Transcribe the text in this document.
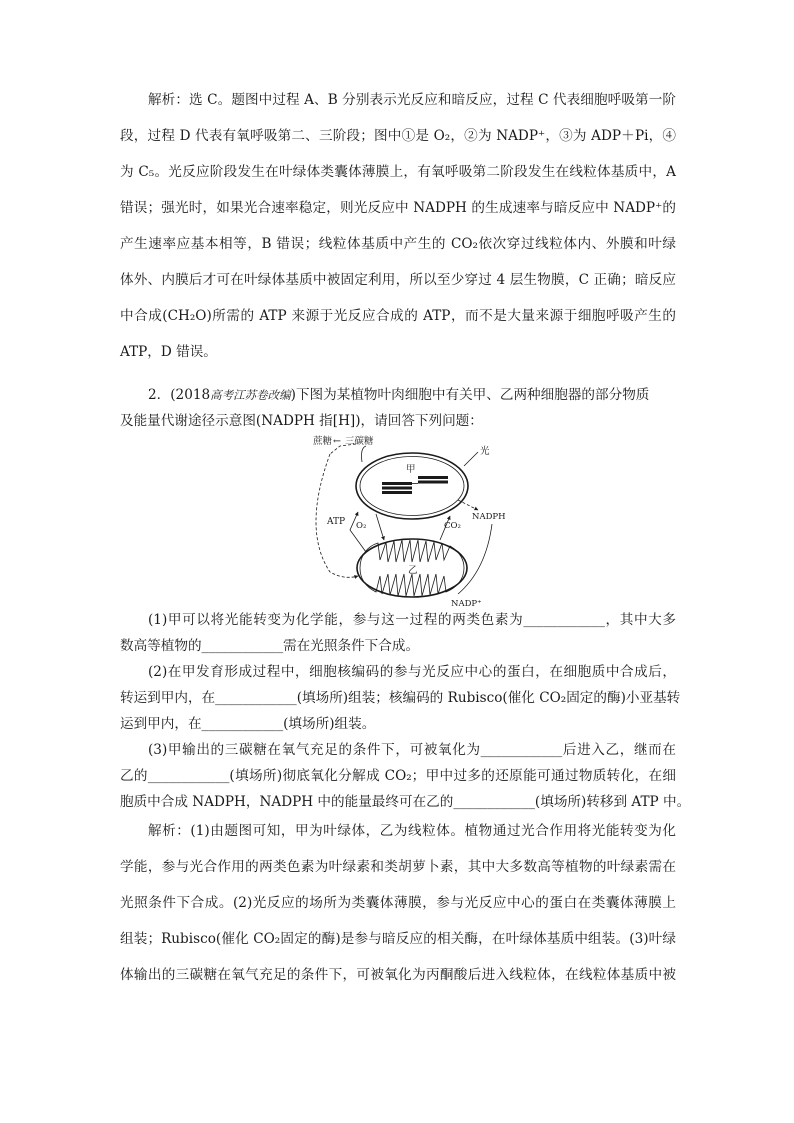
解析：选 C。题图中过程 A、B 分别表示光反应和暗反应，过程 C 代表细胞呼吸第一阶
段，过程 D 代表有氧呼吸第二、三阶段；图中①是 O₂，②为 NADP⁺，③为 ADP＋Pi，④
为 C₅。光反应阶段发生在叶绿体类囊体薄膜上，有氧呼吸第二阶段发生在线粒体基质中，A
错误；强光时，如果光合速率稳定，则光反应中 NADPH 的生成速率与暗反应中 NADP⁺的
产生速率应基本相等，B 错误；线粒体基质中产生的 CO₂依次穿过线粒体内、外膜和叶绿
体外、内膜后才可在叶绿体基质中被固定利用，所以至少穿过 4 层生物膜，C 正确；暗反应
中合成(CH₂O)所需的 ATP 来源于光反应合成的 ATP，而不是大量来源于细胞呼吸产生的
ATP，D 错误。
2．(2018高考江苏卷改编)下图为某植物叶肉细胞中有关甲、乙两种细胞器的部分物质
及能量代谢途径示意图(NADPH 指[H])，请回答下列问题：
蔗糖 ← 三碳糖
光
甲
乙
ATP O₂	CO₂
NADPH
NADP⁺
(1)甲可以将光能转变为化学能，参与这一过程的两类色素为____________，其中大多
数高等植物的____________需在光照条件下合成。
(2)在甲发育形成过程中，细胞核编码的参与光反应中心的蛋白，在细胞质中合成后，
转运到甲内，在____________(填场所)组装；核编码的 Rubisco(催化 CO₂固定的酶)小亚基转
运到甲内，在____________(填场所)组装。
(3)甲输出的三碳糖在氧气充足的条件下，可被氧化为____________后进入乙，继而在
乙的____________(填场所)彻底氧化分解成 CO₂；甲中过多的还原能可通过物质转化，在细
胞质中合成 NADPH，NADPH 中的能量最终可在乙的____________(填场所)转移到 ATP 中。
解析：(1)由题图可知，甲为叶绿体，乙为线粒体。植物通过光合作用将光能转变为化
学能，参与光合作用的两类色素为叶绿素和类胡萝卜素，其中大多数高等植物的叶绿素需在
光照条件下合成。(2)光反应的场所为类囊体薄膜，参与光反应中心的蛋白在类囊体薄膜上
组装；Rubisco(催化 CO₂固定的酶)是参与暗反应的相关酶，在叶绿体基质中组装。(3)叶绿
体输出的三碳糖在氧气充足的条件下，可被氧化为丙酮酸后进入线粒体，在线粒体基质中被
